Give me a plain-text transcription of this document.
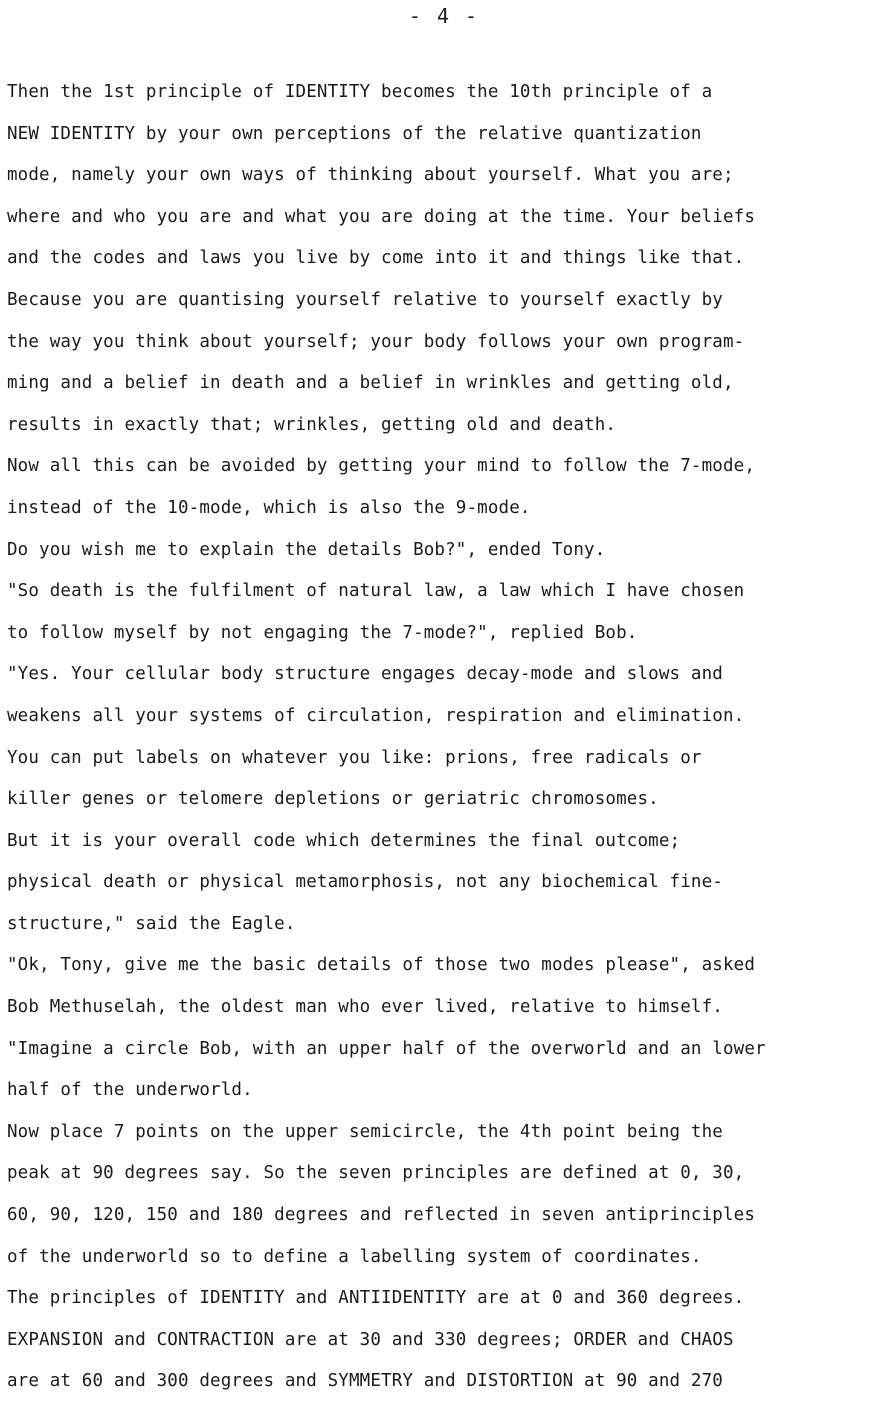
- 4 -
Then the 1st principle of IDENTITY becomes the 10th principle of a
NEW IDENTITY by your own perceptions of the relative quantization
mode, namely your own ways of thinking about yourself. What you are;
where and who you are and what you are doing at the time. Your beliefs
and the codes and laws you live by come into it and things like that.
Because you are quantising yourself relative to yourself exactly by
the way you think about yourself; your body follows your own program-
ming and a belief in death and a belief in wrinkles and getting old,
results in exactly that; wrinkles, getting old and death.
Now all this can be avoided by getting your mind to follow the 7-mode,
instead of the 10-mode, which is also the 9-mode.
Do you wish me to explain the details Bob?", ended Tony.
"So death is the fulfilment of natural law, a law which I have chosen
to follow myself by not engaging the 7-mode?", replied Bob.
"Yes. Your cellular body structure engages decay-mode and slows and
weakens all your systems of circulation, respiration and elimination.
You can put labels on whatever you like: prions, free radicals or
killer genes or telomere depletions or geriatric chromosomes.
But it is your overall code which determines the final outcome;
physical death or physical metamorphosis, not any biochemical fine-
structure," said the Eagle.
"Ok, Tony, give me the basic details of those two modes please", asked
Bob Methuselah, the oldest man who ever lived, relative to himself.
"Imagine a circle Bob, with an upper half of the overworld and an lower
half of the underworld.
Now place 7 points on the upper semicircle, the 4th point being the
peak at 90 degrees say. So the seven principles are defined at 0, 30,
60, 90, 120, 150 and 180 degrees and reflected in seven antiprinciples
of the underworld so to define a labelling system of coordinates.
The principles of IDENTITY and ANTIIDENTITY are at 0 and 360 degrees.
EXPANSION and CONTRACTION are at 30 and 330 degrees; ORDER and CHAOS
are at 60 and 300 degrees and SYMMETRY and DISTORTION at 90 and 270
